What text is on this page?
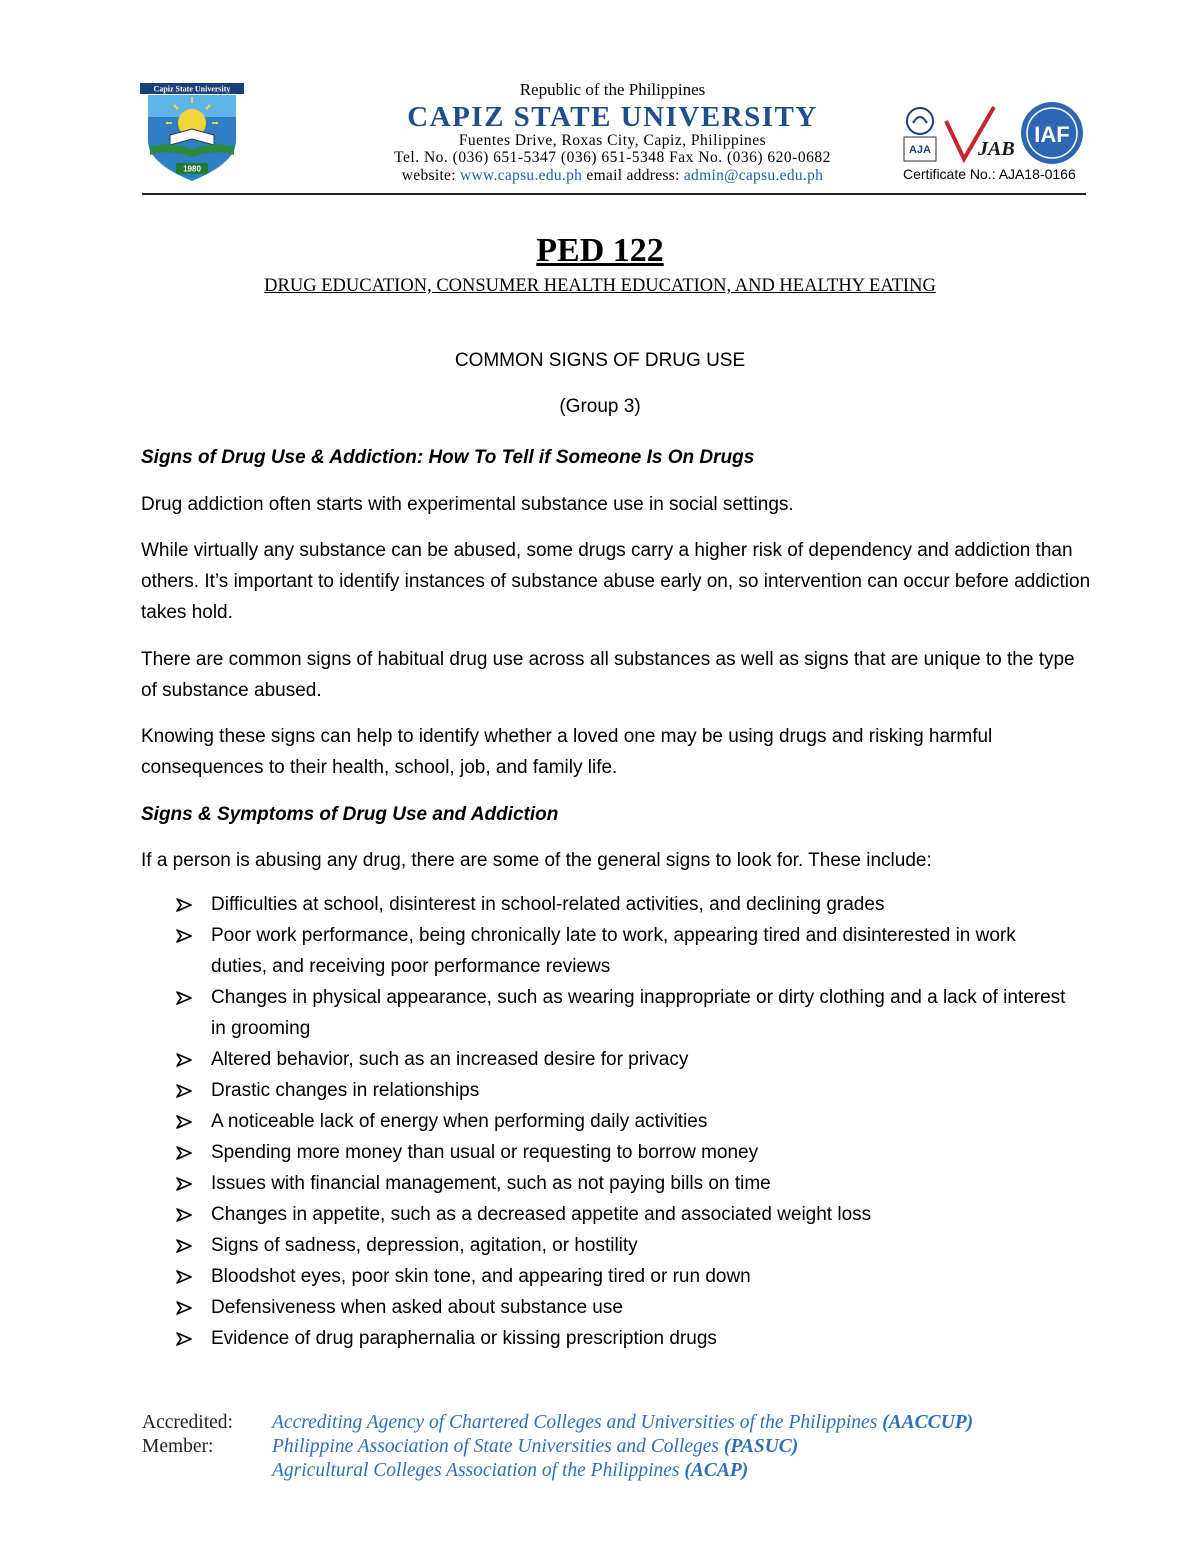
Capiz State University
1980
Republic of the Philippines
CAPIZ STATE UNIVERSITY
Fuentes Drive, Roxas City, Capiz, Philippines
Tel. No. (036) 651-5347 (036) 651-5348 Fax No. (036) 620-0682
website: www.capsu.edu.ph email address: admin@capsu.edu.ph
AJA JAB
IAF
Certificate No.: AJA18-0166
PED 122
DRUG EDUCATION, CONSUMER HEALTH EDUCATION, AND HEALTHY EATING
COMMON SIGNS OF DRUG USE
(Group 3)
Signs of Drug Use & Addiction: How To Tell if Someone Is On Drugs
Drug addiction often starts with experimental substance use in social settings.
While virtually any substance can be abused, some drugs carry a higher risk of dependency and addiction than others. It’s important to identify instances of substance abuse early on, so intervention can occur before addiction takes hold.
There are common signs of habitual drug use across all substances as well as signs that are unique to the type of substance abused.
Knowing these signs can help to identify whether a loved one may be using drugs and risking harmful consequences to their health, school, job, and family life.
Signs & Symptoms of Drug Use and Addiction
If a person is abusing any drug, there are some of the general signs to look for. These include:
Difficulties at school, disinterest in school-related activities, and declining grades
Poor work performance, being chronically late to work, appearing tired and disinterested in work duties, and receiving poor performance reviews
Changes in physical appearance, such as wearing inappropriate or dirty clothing and a lack of interest in grooming
Altered behavior, such as an increased desire for privacy
Drastic changes in relationships
A noticeable lack of energy when performing daily activities
Spending more money than usual or requesting to borrow money
Issues with financial management, such as not paying bills on time
Changes in appetite, such as a decreased appetite and associated weight loss
Signs of sadness, depression, agitation, or hostility
Bloodshot eyes, poor skin tone, and appearing tired or run down
Defensiveness when asked about substance use
Evidence of drug paraphernalia or kissing prescription drugs
Accredited:
Member:
Accrediting Agency of Chartered Colleges and Universities of the Philippines (AACCUP)
Philippine Association of State Universities and Colleges (PASUC)
Agricultural Colleges Association of the Philippines (ACAP)
